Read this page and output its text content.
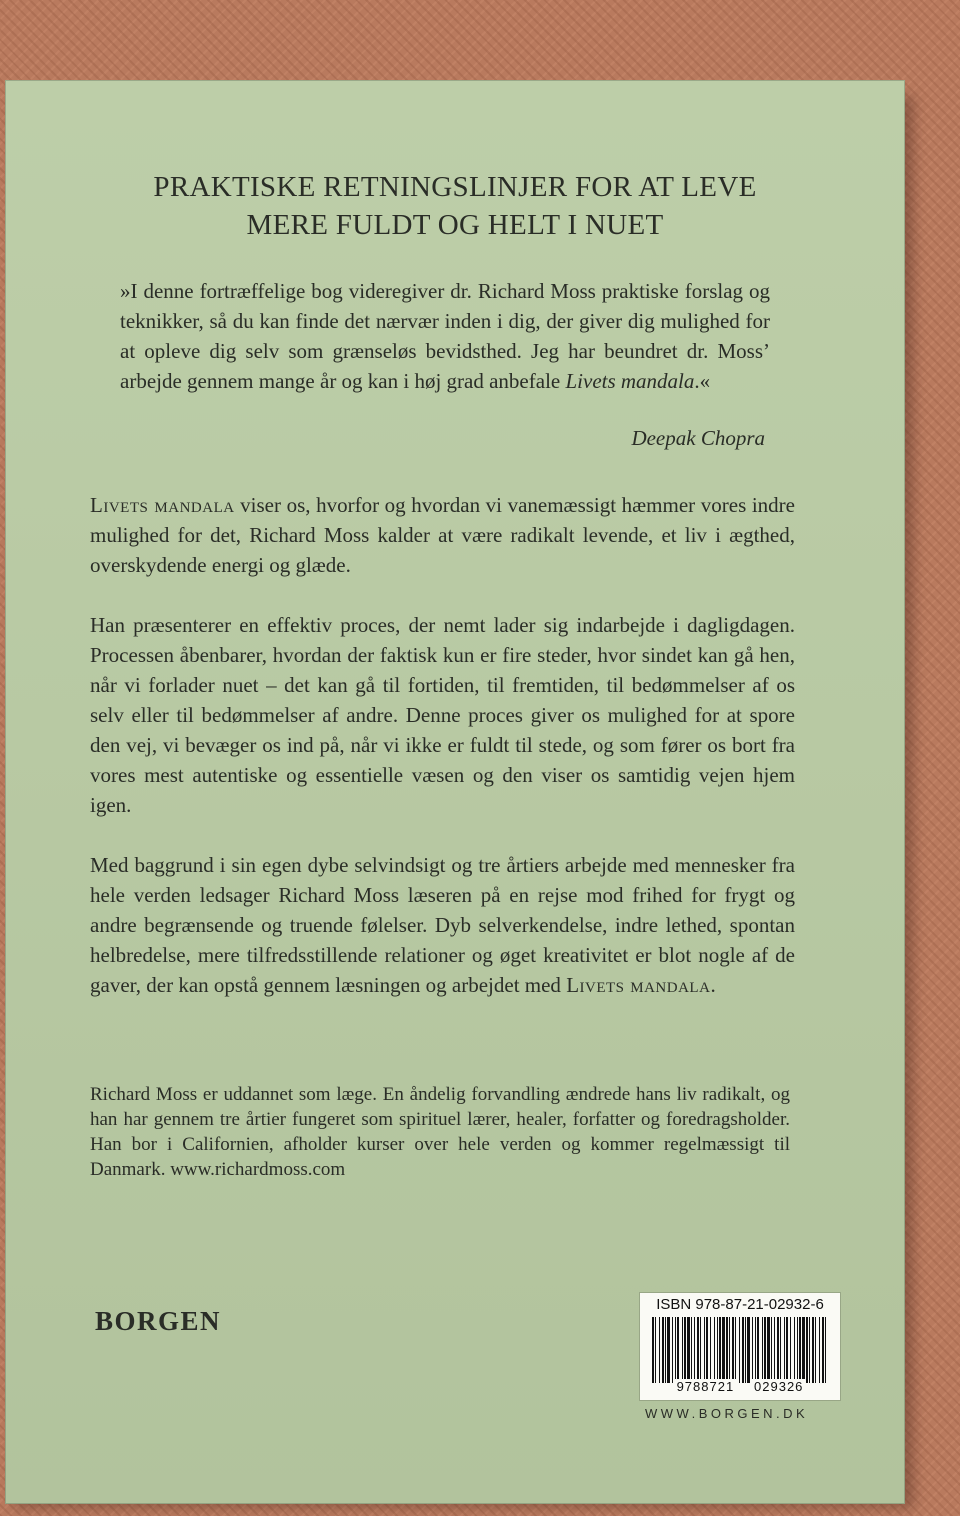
PRAKTISKE RETNINGSLINJER FOR AT LEVE
MERE FULDT OG HELT I NUET
»I denne fortræffelige bog videregiver dr. Richard Moss praktiske forslag og teknikker, så du kan finde det nærvær inden i dig, der giver dig mulighed for at opleve dig selv som grænseløs bevidsthed. Jeg har beundret dr. Moss’ arbejde gennem mange år og kan i høj grad anbefale Livets mandala.«
Deepak Chopra
Livets mandala viser os, hvorfor og hvordan vi vanemæssigt hæmmer vores indre mulighed for det, Richard Moss kalder at være radikalt levende, et liv i ægthed, overskydende energi og glæde.
Han præsenterer en effektiv proces, der nemt lader sig indarbejde i dagligdagen. Processen åbenbarer, hvordan der faktisk kun er fire steder, hvor sindet kan gå hen, når vi forlader nuet – det kan gå til fortiden, til fremtiden, til bedømmelser af os selv eller til bedømmelser af andre. Denne proces giver os mulighed for at spore den vej, vi bevæger os ind på, når vi ikke er fuldt til stede, og som fører os bort fra vores mest autentiske og essentielle væsen og den viser os samtidig vejen hjem igen.
Med baggrund i sin egen dybe selvindsigt og tre årtiers arbejde med mennesker fra hele verden ledsager Richard Moss læseren på en rejse mod frihed for frygt og andre begrænsende og truende følelser. Dyb selverkendelse, indre lethed, spontan helbredelse, mere tilfredsstillende relationer og øget kreativitet er blot nogle af de gaver, der kan opstå gennem læsningen og arbejdet med Livets mandala.
Richard Moss er uddannet som læge. En åndelig forvandling ændrede hans liv radikalt, og han har gennem tre årtier fungeret som spirituel lærer, healer, forfatter og foredragsholder. Han bor i Californien, afholder kurser over hele verden og kommer regelmæssigt til Danmark. www.richardmoss.com
BORGEN
ISBN 978-87-21-02932-6
9788721 029326
WWW.BORGEN.DK
